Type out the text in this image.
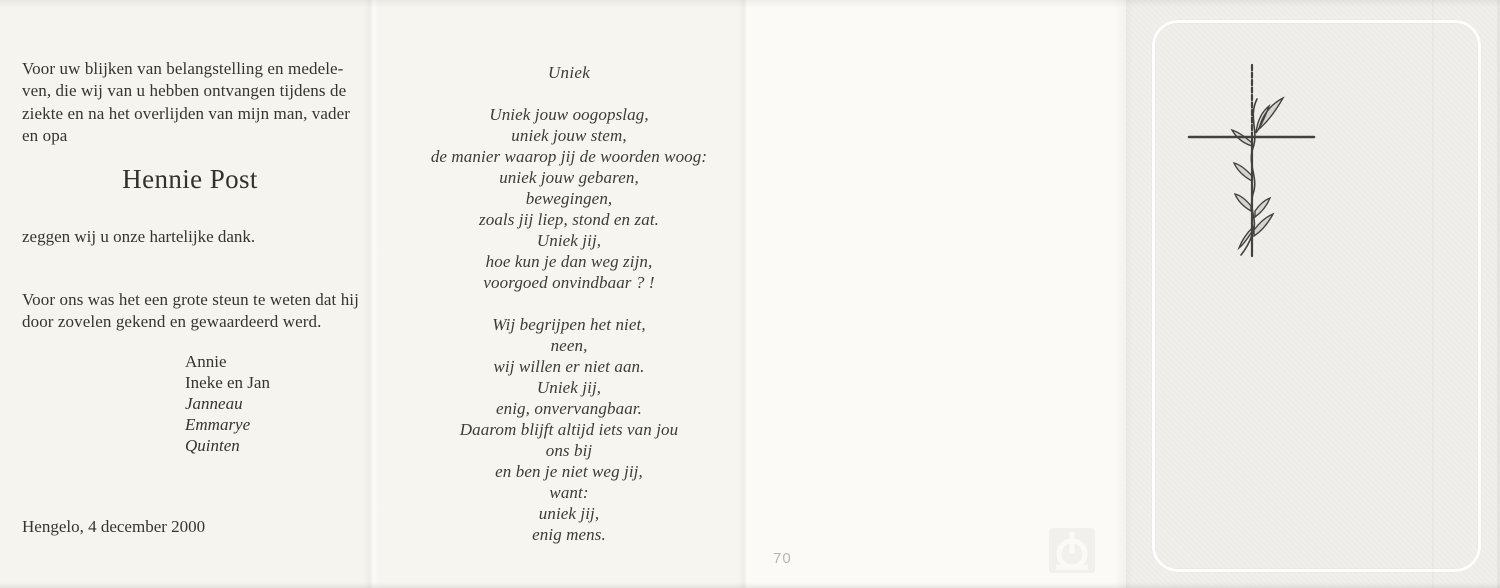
Voor uw blijken van belangstelling en medele-
ven, die wij van u hebben ontvangen tijdens de
ziekte en na het overlijden van mijn man, vader
en opa
Hennie Post
zeggen wij u onze hartelijke dank.
Voor ons was het een grote steun te weten dat hij
door zovelen gekend en gewaardeerd werd.
Annie
Ineke en Jan
Janneau
Emmarye
Quinten
Hengelo, 4 december 2000
Uniek
Uniek jouw oogopslag,
uniek jouw stem,
de manier waarop jij de woorden woog:
uniek jouw gebaren,
bewegingen,
zoals jij liep, stond en zat.
Uniek jij,
hoe kun je dan weg zijn,
voorgoed onvindbaar ? !
Wij begrijpen het niet,
neen,
wij willen er niet aan.
Uniek jij,
enig, onvervangbaar.
Daarom blijft altijd iets van jou
ons bij
en ben je niet weg jij,
want:
uniek jij,
enig mens.
70
